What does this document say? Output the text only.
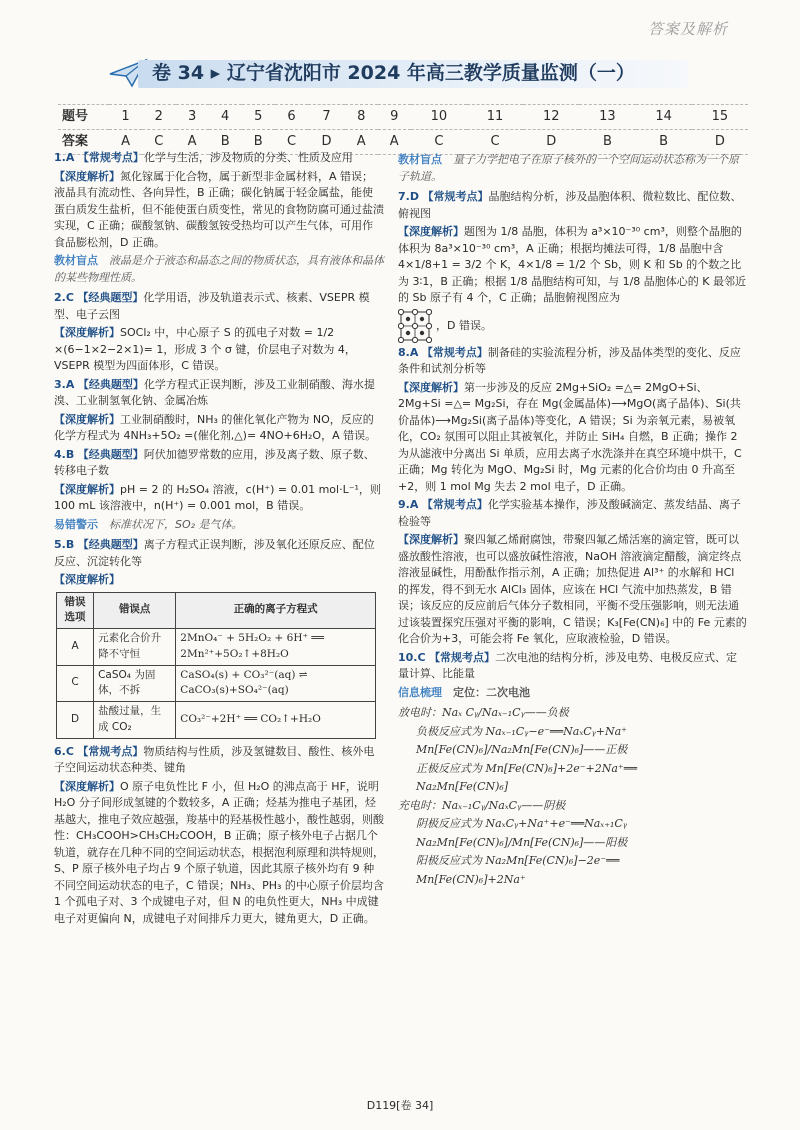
答案及解析
卷 34 ▸ 辽宁省沈阳市 2024 年高三教学质量监测（一）
题号	1	2	3	4	5	6	7	8	9	10	11	12	13	14	15
答案	A	C	A	B	B	C	D	A	A	C	C	D	B	B	D

1.A 【常规考点】化学与生活，涉及物质的分类、性质及应用

【深度解析】氮化镓属于化合物，属于新型非金属材料，A 错误；液晶具有流动性、各向异性，B 正确；碳化钠属于轻金属盐，能使蛋白质发生盐析，但不能使蛋白质变性，常见的食物防腐可通过盐渍实现，C 正确；碳酸氢钠、碳酸氢铵受热均可以产生气体，可用作食品膨松剂，D 正确。

教材盲点　 液晶是介于液态和晶态之间的物质状态，具有液体和晶体的某些物理性质。

2.C 【经典题型】化学用语，涉及轨道表示式、核素、VSEPR 模型、电子云图

【深度解析】SOCl₂ 中，中心原子 S 的孤电子对数 = 1/2 ×(6−1×2−2×1)= 1，形成 3 个 σ 键，价层电子对数为 4，VSEPR 模型为四面体形，C 错误。

3.A 【经典题型】化学方程式正误判断，涉及工业制硝酸、海水提溴、工业制氢氧化钠、金属冶炼

【深度解析】工业制硝酸时，NH₃ 的催化氧化产物为 NO，反应的化学方程式为 4NH₃+5O₂ =(催化剂,△)= 4NO+6H₂O，A 错误。

4.B 【经典题型】阿伏加德罗常数的应用，涉及离子数、原子数、转移电子数

【深度解析】pH = 2 的 H₂SO₄ 溶液，c(H⁺) = 0.01 mol·L⁻¹，则 100 mL 该溶液中，n(H⁺) = 0.001 mol，B 错误。

易错警示　 标准状况下，SO₂ 是气体。

5.B 【经典题型】离子方程式正误判断，涉及氧化还原反应、配位反应、沉淀转化等

【深度解析】

错误选项	错误点	正确的离子方程式
A	元素化合价升降不守恒	2MnO₄⁻ + 5H₂O₂ + 6H⁺ ══ 2Mn²⁺+5O₂↑+8H₂O
C	CaSO₄ 为固体，不拆	CaSO₄(s) + CO₃²⁻(aq) ⇌ CaCO₃(s)+SO₄²⁻(aq)
D	盐酸过量，生成 CO₂	CO₃²⁻+2H⁺ ══ CO₂↑+H₂O

6.C 【常规考点】物质结构与性质，涉及氢键数目、酸性、核外电子空间运动状态种类、键角

【深度解析】O 原子电负性比 F 小，但 H₂O 的沸点高于 HF，说明 H₂O 分子间形成氢键的个数较多，A 正确；烃基为推电子基团，烃基越大，推电子效应越强，羧基中的羟基极性越小，酸性越弱，则酸性：CH₃COOH>CH₃CH₂COOH，B 正确；原子核外电子占据几个轨道，就存在几种不同的空间运动状态，根据泡利原理和洪特规则，S、P 原子核外电子均占 9 个原子轨道，因此其原子核外均有 9 种不同空间运动状态的电子，C 错误；NH₃、PH₃ 的中心原子价层均含 1 个孤电子对、3 个成键电子对，但 N 的电负性更大，NH₃ 中成键电子对更偏向 N，成键电子对间排斥力更大，键角更大，D 正确。

教材盲点　 量子力学把电子在原子核外的一个空间运动状态称为一个原子轨道。

7.D 【常规考点】晶胞结构分析，涉及晶胞体积、微粒数比、配位数、俯视图

【深度解析】题图为 1/8 晶胞，体积为 a³×10⁻³⁰ cm³，则整个晶胞的体积为 8a³×10⁻³⁰ cm³，A 正确；根据均摊法可得，1/8 晶胞中含 4×1/8+1 = 3/2 个 K，4×1/8 = 1/2 个 Sb，则 K 和 Sb 的个数之比为 3∶1，B 正确；根据 1/8 晶胞结构可知，与 1/8 晶胞体心的 K 最邻近的 Sb 原子有 4 个，C 正确；晶胞俯视图应为

，D 错误。

8.A 【常规考点】制备硅的实验流程分析，涉及晶体类型的变化、反应条件和试剂分析等

【深度解析】第一步涉及的反应 2Mg+SiO₂ =△= 2MgO+Si、2Mg+Si =△= Mg₂Si，存在 Mg(金属晶体)⟶MgO(离子晶体)、Si(共价晶体)⟶Mg₂Si(离子晶体)等变化，A 错误；Si 为亲氧元素，易被氧化，CO₂ 氛围可以阻止其被氧化，并防止 SiH₄ 自燃，B 正确；操作 2 为从滤液中分离出 Si 单质，应用去离子水洗涤并在真空环境中烘干，C 正确；Mg 转化为 MgO、Mg₂Si 时，Mg 元素的化合价均由 0 升高至+2，则 1 mol Mg 失去 2 mol 电子，D 正确。

9.A 【常规考点】化学实验基本操作，涉及酸碱滴定、蒸发结晶、离子检验等

【深度解析】聚四氟乙烯耐腐蚀，带聚四氟乙烯活塞的滴定管，既可以盛放酸性溶液，也可以盛放碱性溶液，NaOH 溶液滴定醋酸，滴定终点溶液显碱性，用酚酞作指示剂，A 正确；加热促进 Al³⁺ 的水解和 HCl 的挥发，得不到无水 AlCl₃ 固体，应该在 HCl 气流中加热蒸发，B 错误；该反应的反应前后气体分子数相同，平衡不受压强影响，则无法通过该装置探究压强对平衡的影响，C 错误；K₃[Fe(CN)₆] 中的 Fe 元素的化合价为+3，可能会将 Fe 氧化，应取液检验，D 错误。

10.C 【常规考点】二次电池的结构分析，涉及电势、电极反应式、定量计算、比能量

信息梳理　 定位：二次电池

放电时：Naₓ Cᵧ/Naₓ₋₁Cᵧ——负极

负极反应式为 Naₓ₋₁Cᵧ−e⁻══NaₓCᵧ+Na⁺

Mn[Fe(CN)₆]/Na₂Mn[Fe(CN)₆]——正极

正极反应式为 Mn[Fe(CN)₆]+2e⁻+2Na⁺══

Na₂Mn[Fe(CN)₆]

充电时：Naₓ₋₁Cᵧ/NaₓCᵧ——阴极

阴极反应式为 NaₓCᵧ+Na⁺+e⁻══Naₓ₊₁Cᵧ

Na₂Mn[Fe(CN)₆]/Mn[Fe(CN)₆]——阳极

阳极反应式为 Na₂Mn[Fe(CN)₆]−2e⁻══

Mn[Fe(CN)₆]+2Na⁺

D119[卷 34]
